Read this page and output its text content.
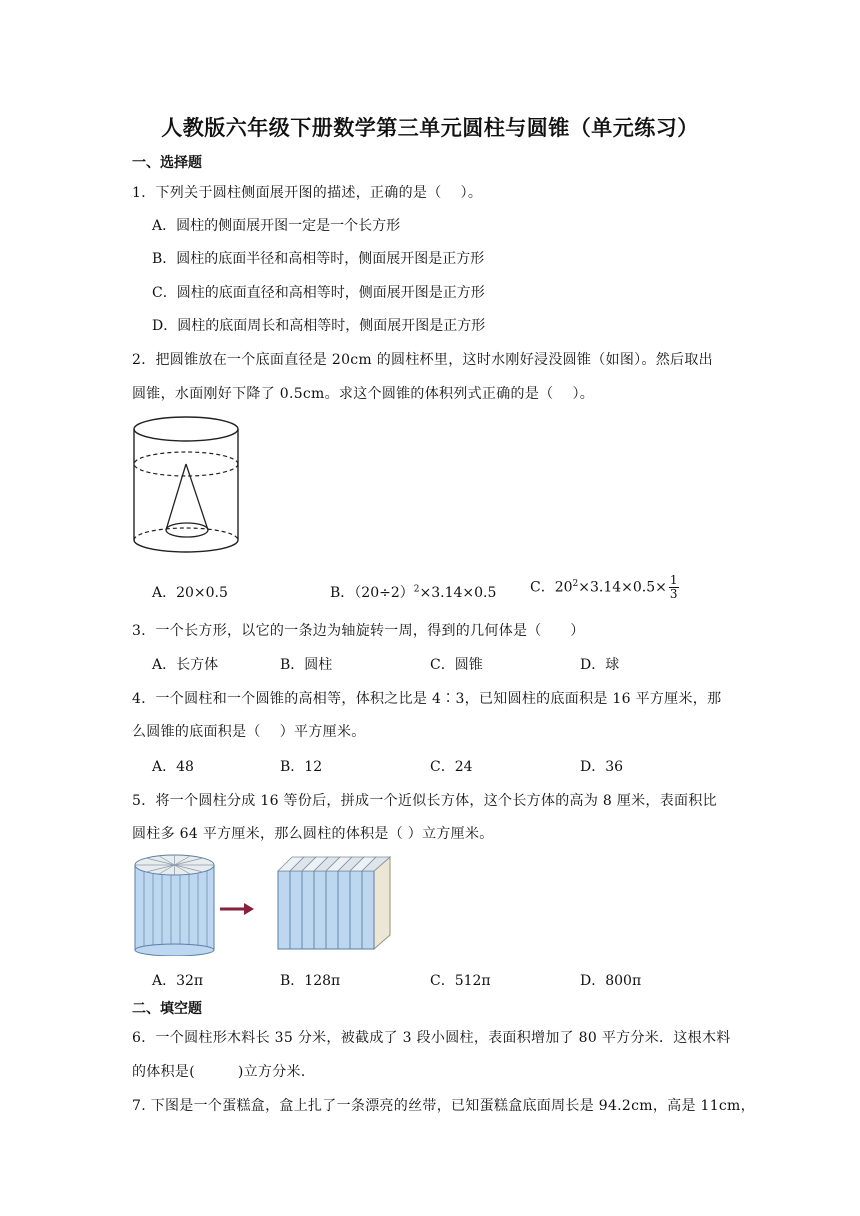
人教版六年级下册数学第三单元圆柱与圆锥（单元练习）
一、选择题
1．下列关于圆柱侧面展开图的描述，正确的是（　 ）。
A．圆柱的侧面展开图一定是一个长方形
B．圆柱的底面半径和高相等时，侧面展开图是正方形
C．圆柱的底面直径和高相等时，侧面展开图是正方形
D．圆柱的底面周长和高相等时，侧面展开图是正方形
2．把圆锥放在一个底面直径是 20cm 的圆柱杯里，这时水刚好浸没圆锥（如图）。然后取出
圆锥，水面刚好下降了 0.5cm。求这个圆锥的体积列式正确的是（　 ）。
A．20×0.5	B．$(20\div 2)^2\times 3.14\times 0.5$ C．$20^2\times 3.14\times 0.5\times \frac{1}{3}$
3．一个长方形，以它的一条边为轴旋转一周，得到的几何体是（　　）
A．长方体	B．圆柱	C．圆锥	D．球
4．一个圆柱和一个圆锥的高相等，体积之比是 4∶3，已知圆柱的底面积是 16 平方厘米，那
么圆锥的底面积是（　 ）平方厘米。
A．48	B．12	C．24	D．36
5．将一个圆柱分成 16 等份后，拼成一个近似长方体，这个长方体的高为 8 厘米，表面积比
圆柱多 64 平方厘米，那么圆柱的体积是（ ）立方厘米。
A．32π	B．128π	C．512π	D．800π
二、填空题
6．一个圆柱形木料长 35 分米，被截成了 3 段小圆柱，表面积增加了 80 平方分米．这根木料
的体积是(　　　)立方分米．
7. 下图是一个蛋糕盒，盒上扎了一条漂亮的丝带，已知蛋糕盒底面周长是 94.2cm，高是 11cm，
